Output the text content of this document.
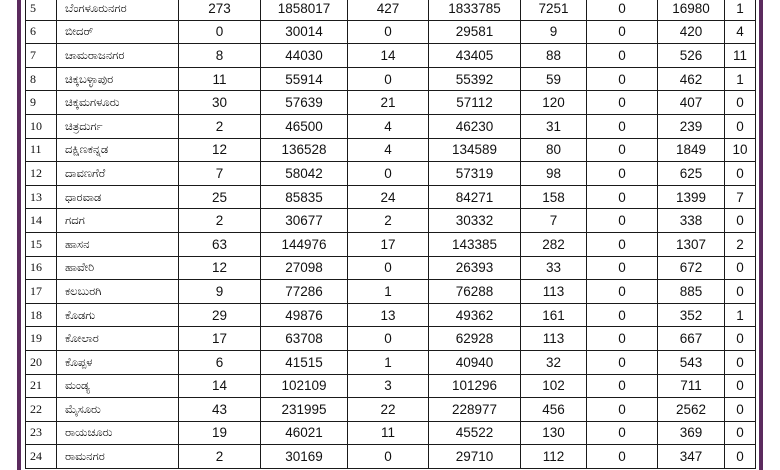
5	ಬೆಂಗಳೂರುನಗರ	273	1858017	427	1833785	7251	0	16980	1	
6	ಬೀದರ್	0	30014	0	29581	9	0	420	4	
7	ಚಾಮರಾಜನಗರ	8	44030	14	43405	88	0	526	11	
8	ಚಿಕ್ಕಬಳ್ಳಾಪುರ	11	55914	0	55392	59	0	462	1	
9	ಚಿಕ್ಕಮಗಳೂರು	30	57639	21	57112	120	0	407	0	
10	ಚಿತ್ರದುರ್ಗ	2	46500	4	46230	31	0	239	0	
11	ದಕ್ಷಿಣಕನ್ನಡ	12	136528	4	134589	80	0	1849	10	
12	ದಾವಣಗೆರೆ	7	58042	0	57319	98	0	625	0	
13	ಧಾರವಾಡ	25	85835	24	84271	158	0	1399	7	
14	ಗದಗ	2	30677	2	30332	7	0	338	0	
15	ಹಾಸನ	63	144976	17	143385	282	0	1307	2	
16	ಹಾವೇರಿ	12	27098	0	26393	33	0	672	0	
17	ಕಲಬುರಗಿ	9	77286	1	76288	113	0	885	0	
18	ಕೊಡಗು	29	49876	13	49362	161	0	352	1	
19	ಕೋಲಾರ	17	63708	0	62928	113	0	667	0	
20	ಕೊಪ್ಪಳ	6	41515	1	40940	32	0	543	0	
21	ಮಂಡ್ಯ	14	102109	3	101296	102	0	711	0	
22	ಮೈಸೂರು	43	231995	22	228977	456	0	2562	0	
23	ರಾಯಚೂರು	19	46021	11	45522	130	0	369	0	
24	ರಾಮನಗರ	2	30169	0	29710	112	0	347	0	
